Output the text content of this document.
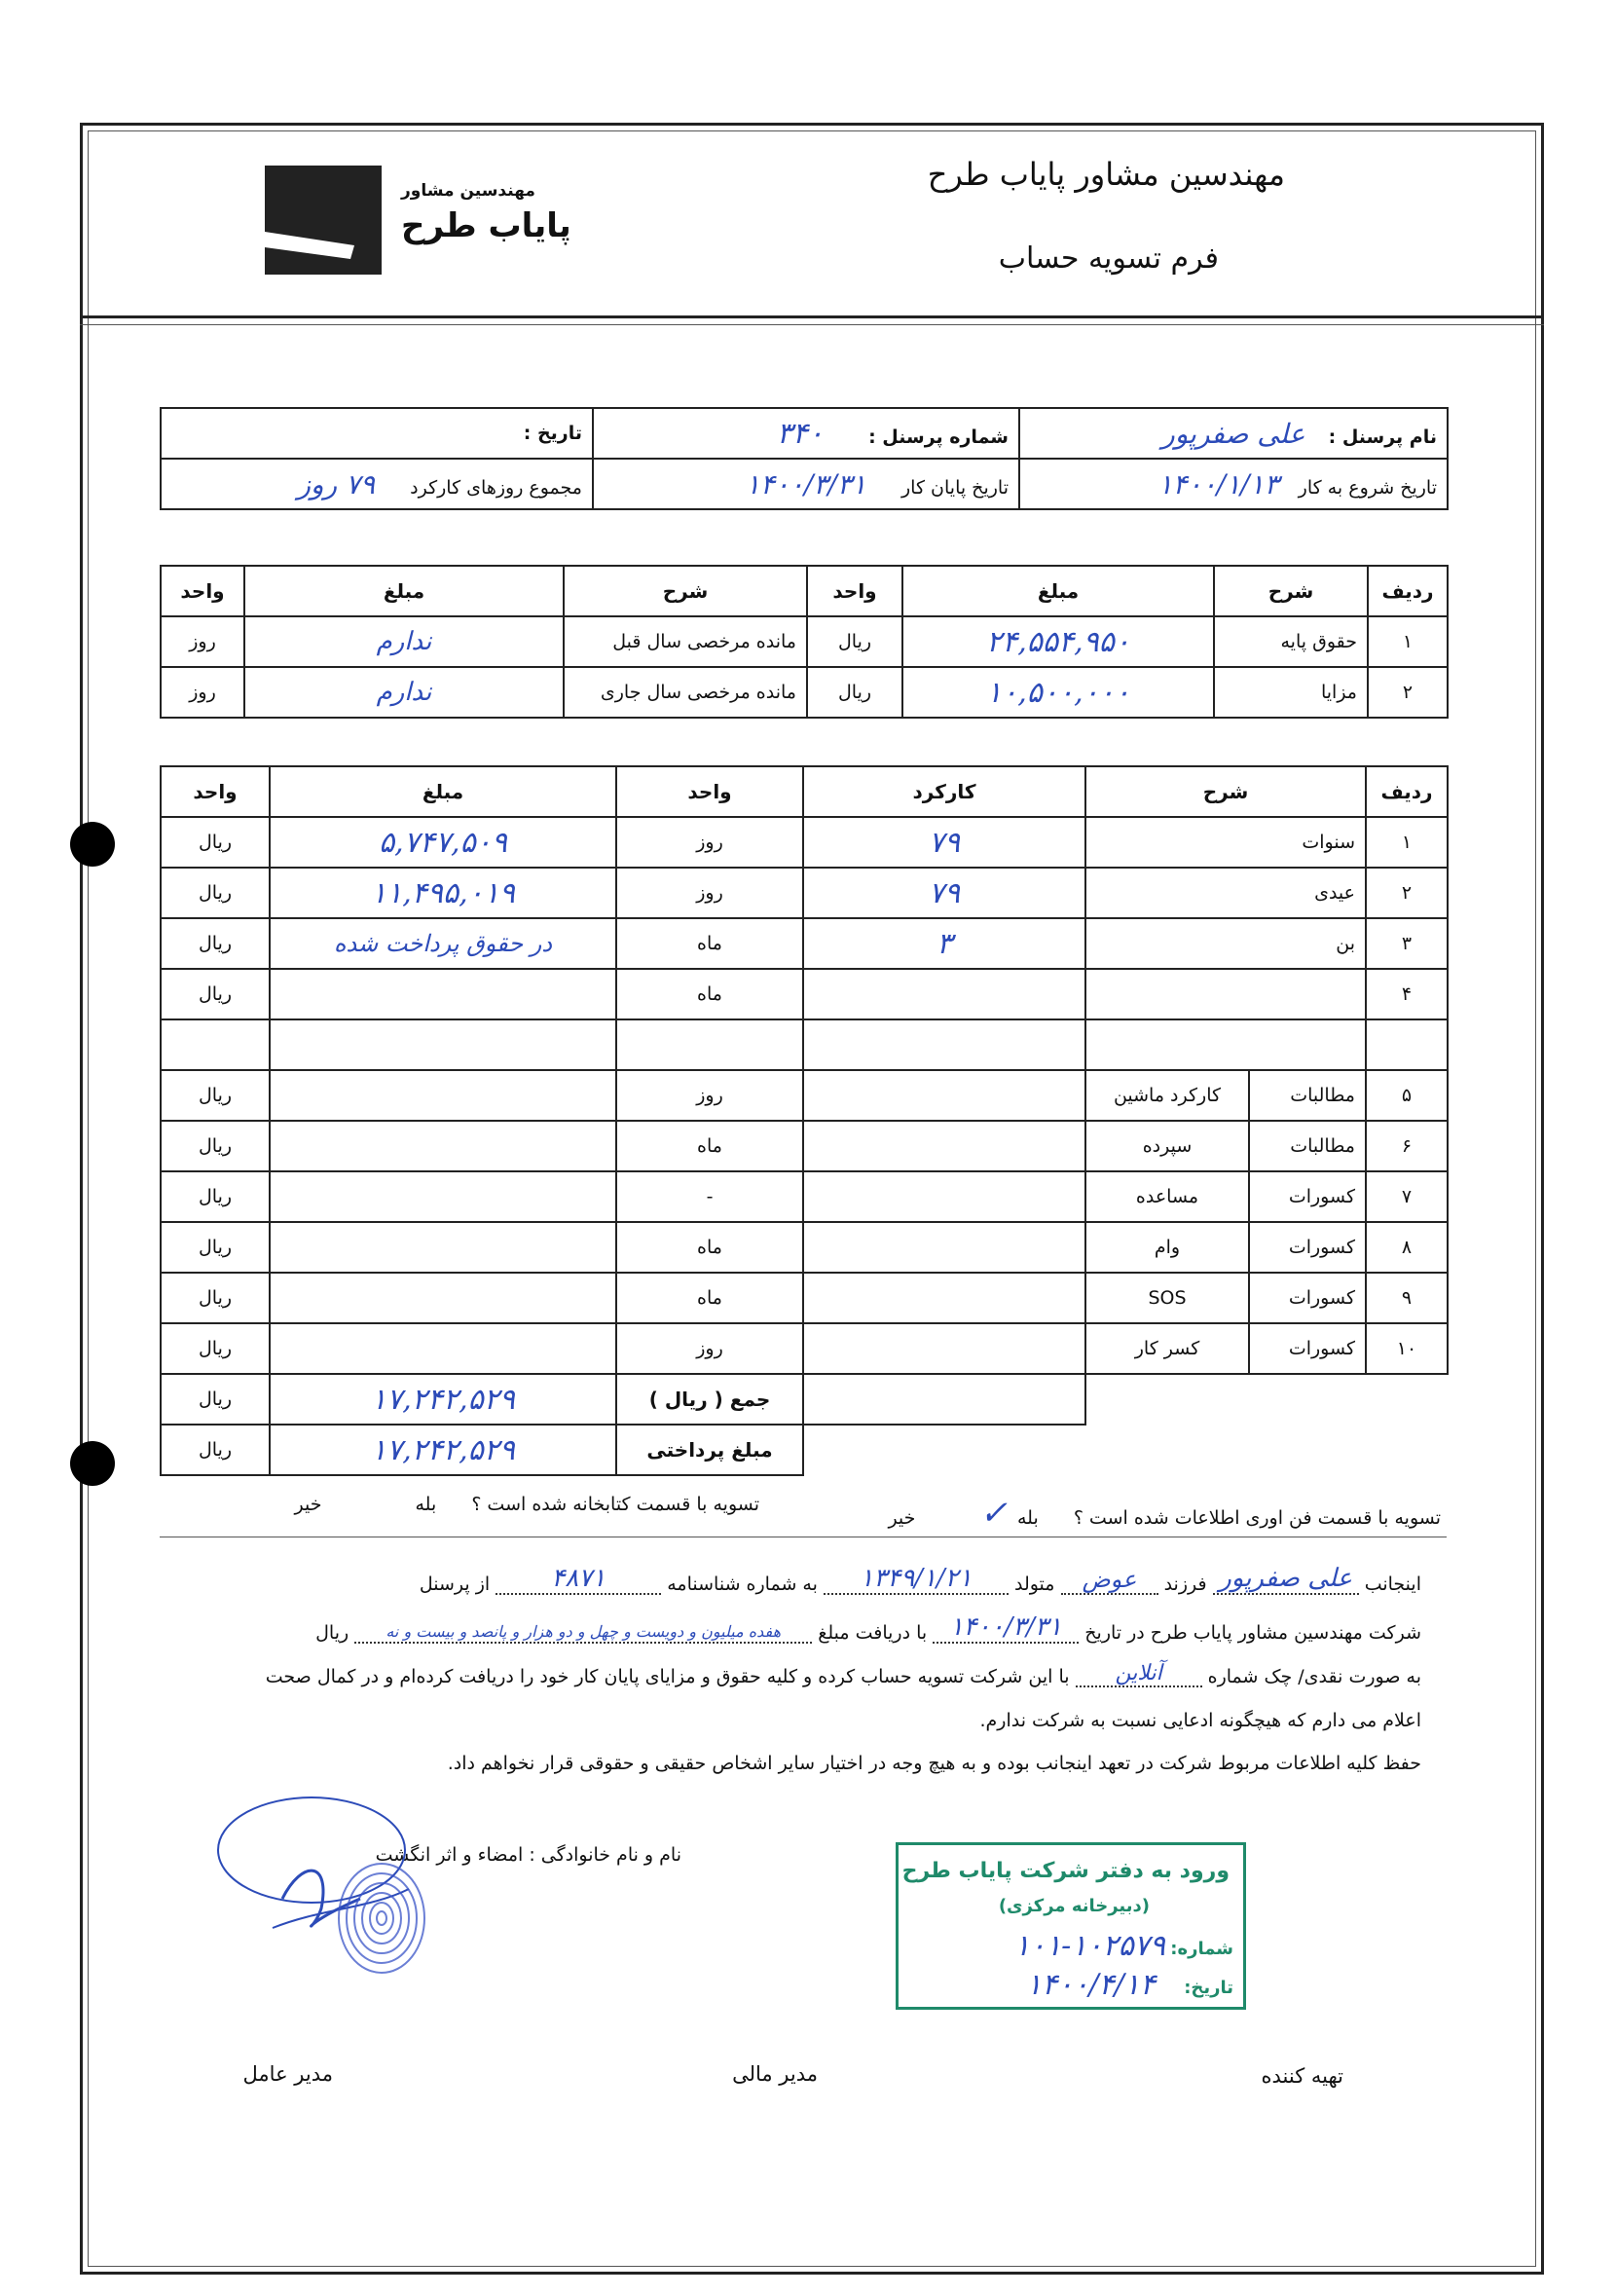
مهندسین مشاور پایاب طرح
فرم تسویه حساب
مهندسین مشاور
پایاب طرح
نام پرسنل : علی صفرپور	شماره پرسنل : ۳۴۰	تاریخ :
تاریخ شروع به کار ۱۴۰۰/۱/۱۳	تاریخ پایان کار ۱۴۰۰/۳/۳۱	مجموع روزهای کارکرد ۷۹ روز
ردیف	شرح	مبلغ	واحد	شرح	مبلغ	واحد
۱	حقوق پایه	۲۴,۵۵۴,۹۵۰	ریال	مانده مرخصی سال قبل	ندارم	روز
۲	مزایا	۱۰,۵۰۰,۰۰۰	ریال	مانده مرخصی سال جاری	ندارم	روز
ردیف	شرح		کارکرد	واحد	مبلغ	واحد
۱	سنوات		۷۹	روز	۵,۷۴۷,۵۰۹	ریال
۲	عیدی		۷۹	روز	۱۱,۴۹۵,۰۱۹	ریال
۳	بن		۳	ماه	در حقوق پرداخت شده	ریال
۴				ماه		ریال

۵	مطالبات	کارکرد ماشین		روز		ریال
۶	مطالبات	سپرده		ماه		ریال
۷	کسورات	مساعده		-		ریال
۸	کسورات	وام		ماه		ریال
۹	کسورات	SOS		ماه		ریال
۱۰	کسورات	کسر کار		روز		ریال
				جمع ( ریال )	۱۷,۲۴۲,۵۲۹	ریال
				مبلغ پرداختی	۱۷,۲۴۲,۵۲۹	ریال
تسویه با قسمت فن اوری اطلاعات شده است ؟ بله ✓ خیر
تسویه با قسمت کتابخانه شده است ؟ بله خیر
اینجانب علی صفرپور فرزند عوض متولد ۱۳۴۹/۱/۲۱ به شماره شناسنامه ۴۸۷۱ از پرسنل
شرکت مهندسین مشاور پایاب طرح در تاریخ ۱۴۰۰/۳/۳۱ با دریافت مبلغ هفده میلیون و دویست و چهل و دو هزار و پانصد و بیست و نه ریال
به صورت نقدی/ چک شماره آنلاین با این شرکت تسویه حساب کرده و کلیه حقوق و مزایای پایان کار خود را دریافت کرده‌ام و در کمال صحت
اعلام می دارم که هیچگونه ادعایی نسبت به شرکت ندارم.
حفظ کلیه اطلاعات مربوط شرکت در تعهد اینجانب بوده و به هیچ وجه در اختیار سایر اشخاص حقیقی و حقوقی قرار نخواهم داد.
نام و نام خانوادگی : امضاء و اثر انگشت
ورود به دفتر شرکت پایاب طرح
(دبیرخانه مرکزی)
شماره:
۱۰۱-۱۰۲۵۷۹
تاریخ:
۱۴۰۰/۴/۱۴
تهیه کننده
مدیر مالی
مدیر عامل
